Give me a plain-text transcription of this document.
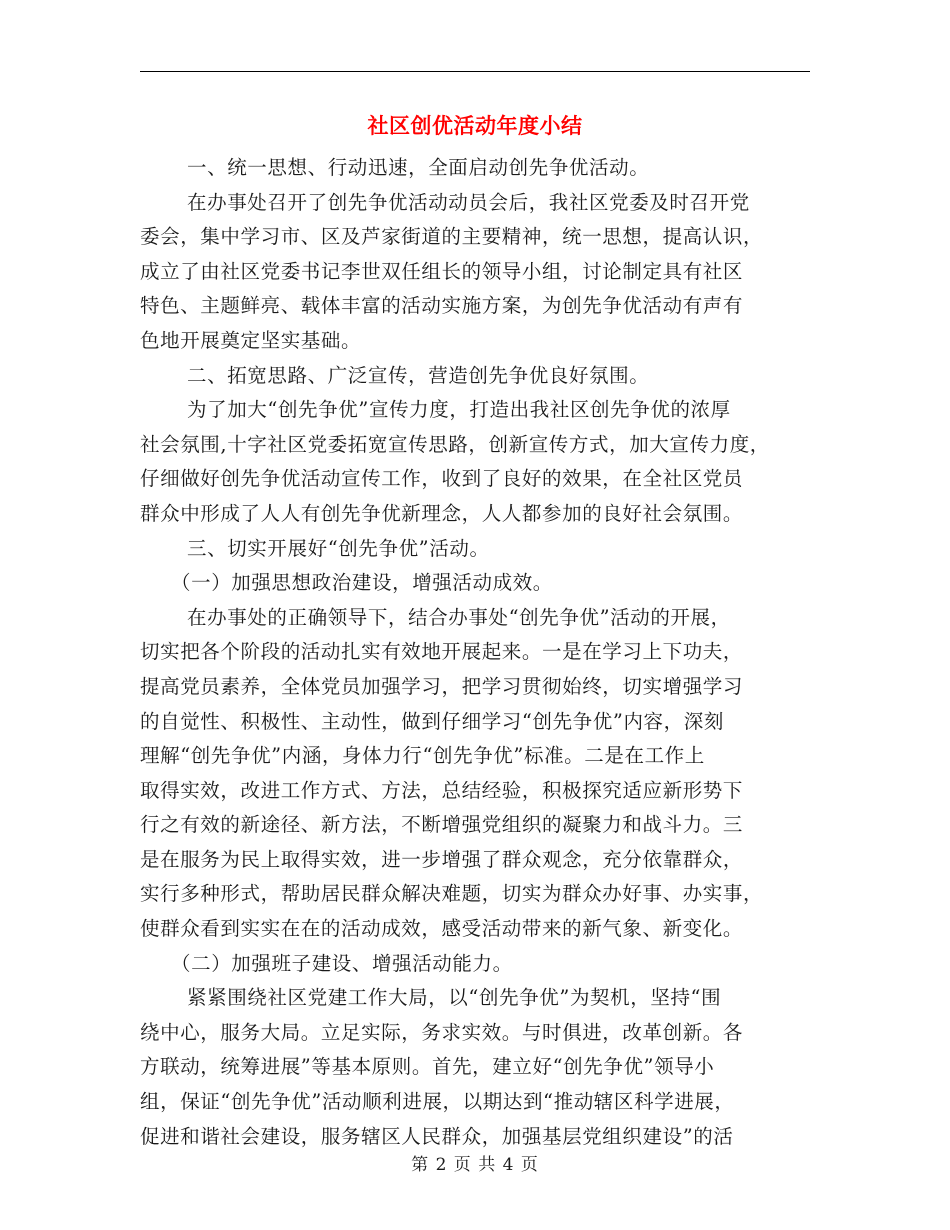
社区创优活动年度小结
一、统一思想、行动迅速，全面启动创先争优活动。
在办事处召开了创先争优活动动员会后，我社区党委及时召开党
委会，集中学习市、区及芦家街道的主要精神，统一思想，提高认识，
成立了由社区党委书记李世双任组长的领导小组，讨论制定具有社区
特色、主题鲜亮、载体丰富的活动实施方案，为创先争优活动有声有
色地开展奠定坚实基础。
二、拓宽思路、广泛宣传，营造创先争优良好氛围。
为了加大“创先争优”宣传力度，打造出我社区创先争优的浓厚
社会氛围,十字社区党委拓宽宣传思路，创新宣传方式，加大宣传力度，
仔细做好创先争优活动宣传工作，收到了良好的效果，在全社区党员
群众中形成了人人有创先争优新理念，人人都参加的良好社会氛围。
三、切实开展好“创先争优”活动。
（一）加强思想政治建设，增强活动成效。
在办事处的正确领导下，结合办事处“创先争优”活动的开展，
切实把各个阶段的活动扎实有效地开展起来。一是在学习上下功夫，
提高党员素养，全体党员加强学习，把学习贯彻始终，切实增强学习
的自觉性、积极性、主动性，做到仔细学习“创先争优”内容，深刻
理解“创先争优”内涵，身体力行“创先争优”标准。二是在工作上
取得实效，改进工作方式、方法，总结经验，积极探究适应新形势下
行之有效的新途径、新方法，不断增强党组织的凝聚力和战斗力。三
是在服务为民上取得实效，进一步增强了群众观念，充分依靠群众，
实行多种形式，帮助居民群众解决难题，切实为群众办好事、办实事，
使群众看到实实在在的活动成效，感受活动带来的新气象、新变化。
（二）加强班子建设、增强活动能力。
紧紧围绕社区党建工作大局，以“创先争优”为契机，坚持“围
绕中心，服务大局。立足实际，务求实效。与时俱进，改革创新。各
方联动，统筹进展”等基本原则。首先，建立好“创先争优”领导小
组，保证“创先争优”活动顺利进展，以期达到“推动辖区科学进展，
促进和谐社会建设，服务辖区人民群众，加强基层党组织建设”的活
第 2 页 共 4 页
